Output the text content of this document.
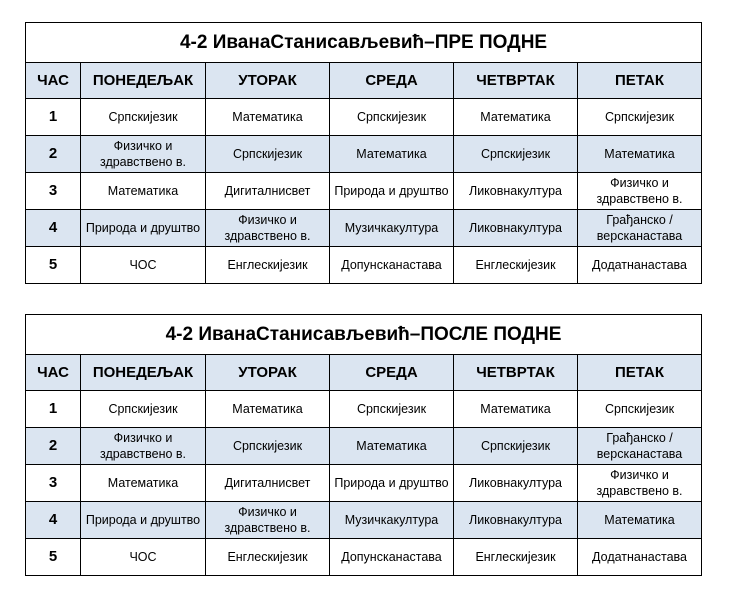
4-2 ИванаСтанисављевић–ПРЕ ПОДНЕ					
ЧАС	ПОНЕДЕЉАК	УТОРАК	СРЕДА	ЧЕТВРТАК	ПЕТАК
1	Српскијезик	Математика	Српскијезик	Математика	Српскијезик
2	Физичко и здравствено в.	Српскијезик	Математика	Српскијезик	Математика
3	Математика	Дигиталнисвет	Природа и друштво	Ликовнакултура	Физичко и здравствено в.
4	Природа и друштво	Физичко и здравствено в.	Музичкакултура	Ликовнакултура	Грађанско / версканастава
5	ЧОС	Енглескијезик	Допунсканастава	Енглескијезик	Додатнанастава
4-2 ИванаСтанисављевић–ПОСЛЕ ПОДНЕ					
ЧАС	ПОНЕДЕЉАК	УТОРАК	СРЕДА	ЧЕТВРТАК	ПЕТАК
1	Српскијезик	Математика	Српскијезик	Математика	Српскијезик
2	Физичко и здравствено в.	Српскијезик	Математика	Српскијезик	Грађанско / версканастава
3	Математика	Дигиталнисвет	Природа и друштво	Ликовнакултура	Физичко и здравствено в.
4	Природа и друштво	Физичко и здравствено в.	Музичкакултура	Ликовнакултура	Математика
5	ЧОС	Енглескијезик	Допунсканастава	Енглескијезик	Додатнанастава
